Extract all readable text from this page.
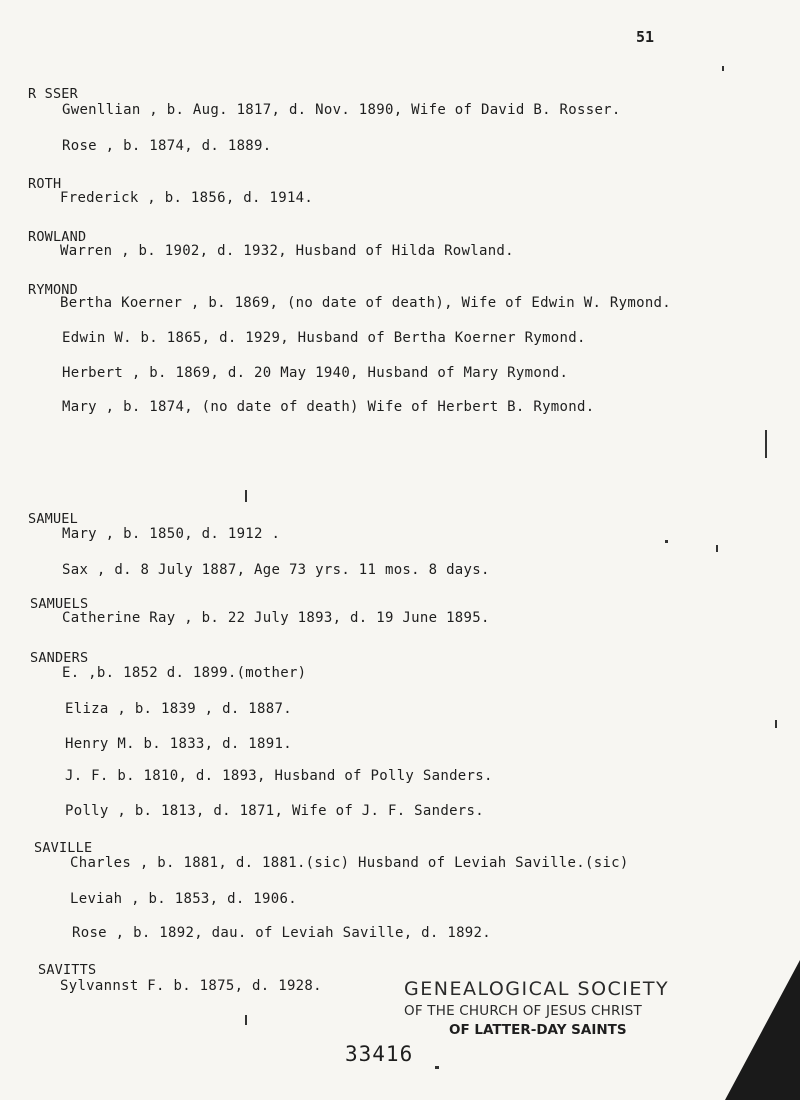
51
R SSER
Gwenllian , b. Aug. 1817, d. Nov. 1890, Wife of David B. Rosser.
Rose , b. 1874, d. 1889.
ROTH
Frederick , b. 1856, d. 1914.
ROWLAND
Warren , b. 1902, d. 1932, Husband of Hilda Rowland.
RYMOND
Bertha Koerner , b. 1869, (no date of death), Wife of Edwin W. Rymond.
Edwin W. b. 1865, d. 1929, Husband of Bertha Koerner Rymond.
Herbert , b. 1869, d. 20 May 1940, Husband of Mary Rymond.
Mary , b. 1874, (no date of death) Wife of Herbert B. Rymond.
SAMUEL
Mary , b. 1850, d. 1912 .
Sax , d. 8 July 1887, Age 73 yrs. 11 mos. 8 days.
SAMUELS
Catherine Ray , b. 22 July 1893, d. 19 June 1895.
SANDERS
E. ,b. 1852 d. 1899.(mother)
Eliza , b. 1839 , d. 1887.
Henry M. b. 1833, d. 1891.
J. F. b. 1810, d. 1893, Husband of Polly Sanders.
Polly , b. 1813, d. 1871, Wife of J. F. Sanders.
SAVILLE
Charles , b. 1881, d. 1881.(sic) Husband of Leviah Saville.(sic)
Leviah , b. 1853, d. 1906.
Rose , b. 1892, dau. of Leviah Saville, d. 1892.
SAVITTS
Sylvannst F. b. 1875, d. 1928.	GENEALOGICAL SOCIETY
OF THE CHURCH OF JESUS CHRIST
OF LATTER-DAY SAINTS
33416
